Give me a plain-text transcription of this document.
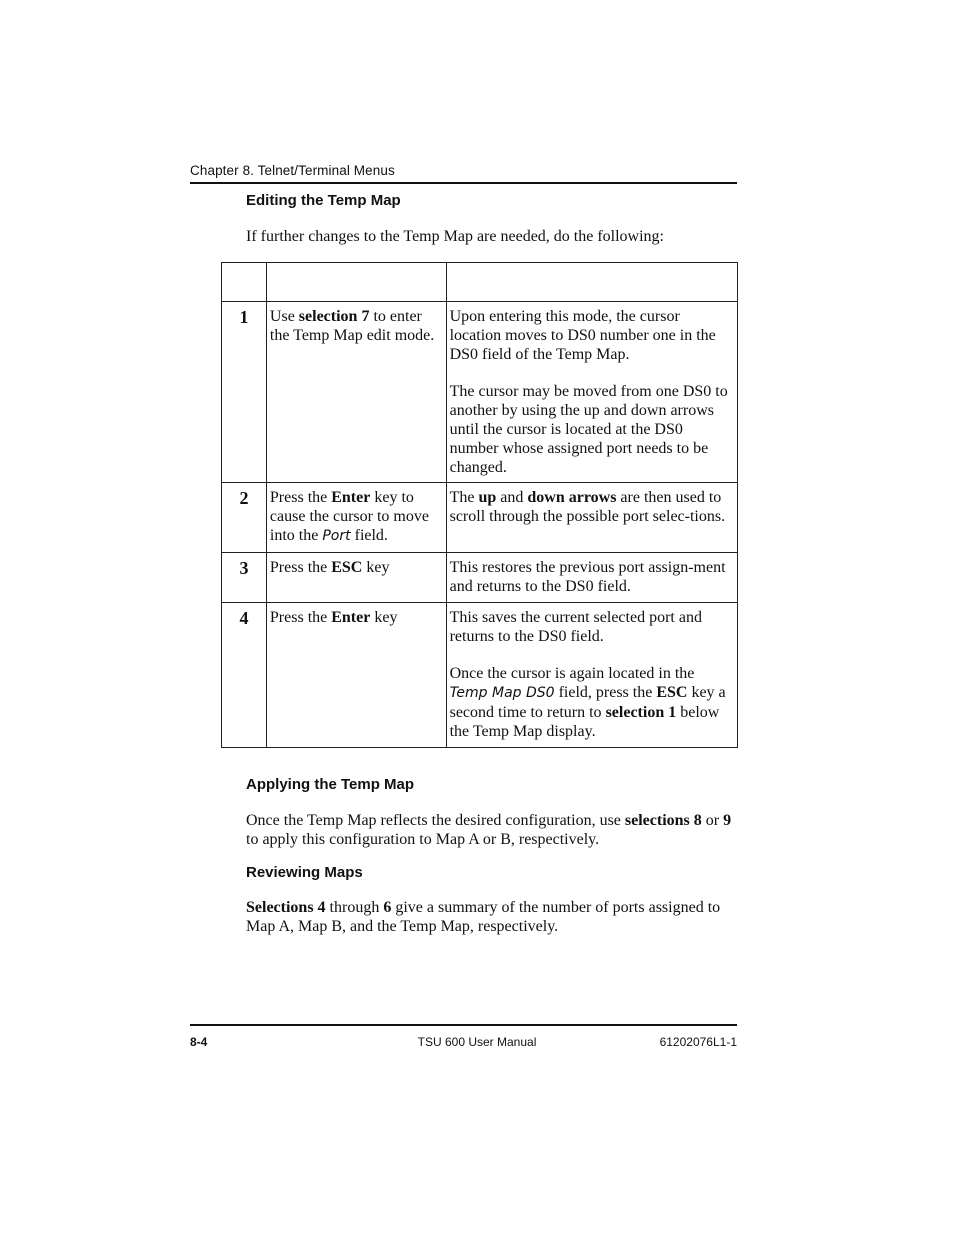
Chapter 8. Telnet/Terminal Menus
Editing the Temp Map
If further changes to the Temp Map are needed, do the following:

1	Use selection 7 to enter the Temp Map edit mode.	Upon entering this mode, the cursor location moves to DS0 number one in the DS0 field of the Temp Map.
The cursor may be moved from one DS0 to another by using the up and down arrows until the cursor is located at the DS0 number whose assigned port needs to be changed.

2	Press the Enter key to cause the cursor to move into the Port field.	The up and down arrows are then used to scroll through the possible port selec-tions.

3	Press the ESC key	This restores the previous port assign-ment and returns to the DS0 field.

4	Press the Enter key	This saves the current selected port and returns to the DS0 field.
Once the cursor is again located in the Temp Map DS0 field, press the ESC key a second time to return to selection 1 below the Temp Map display.
Applying the Temp Map
Once the Temp Map reflects the desired configuration, use selections 8 or 9 to apply this configuration to Map A or B, respectively.
Reviewing Maps
Selections 4 through 6 give a summary of the number of ports assigned to Map A, Map B, and the Temp Map, respectively.
8-4	TSU 600 User Manual	61202076L1-1
